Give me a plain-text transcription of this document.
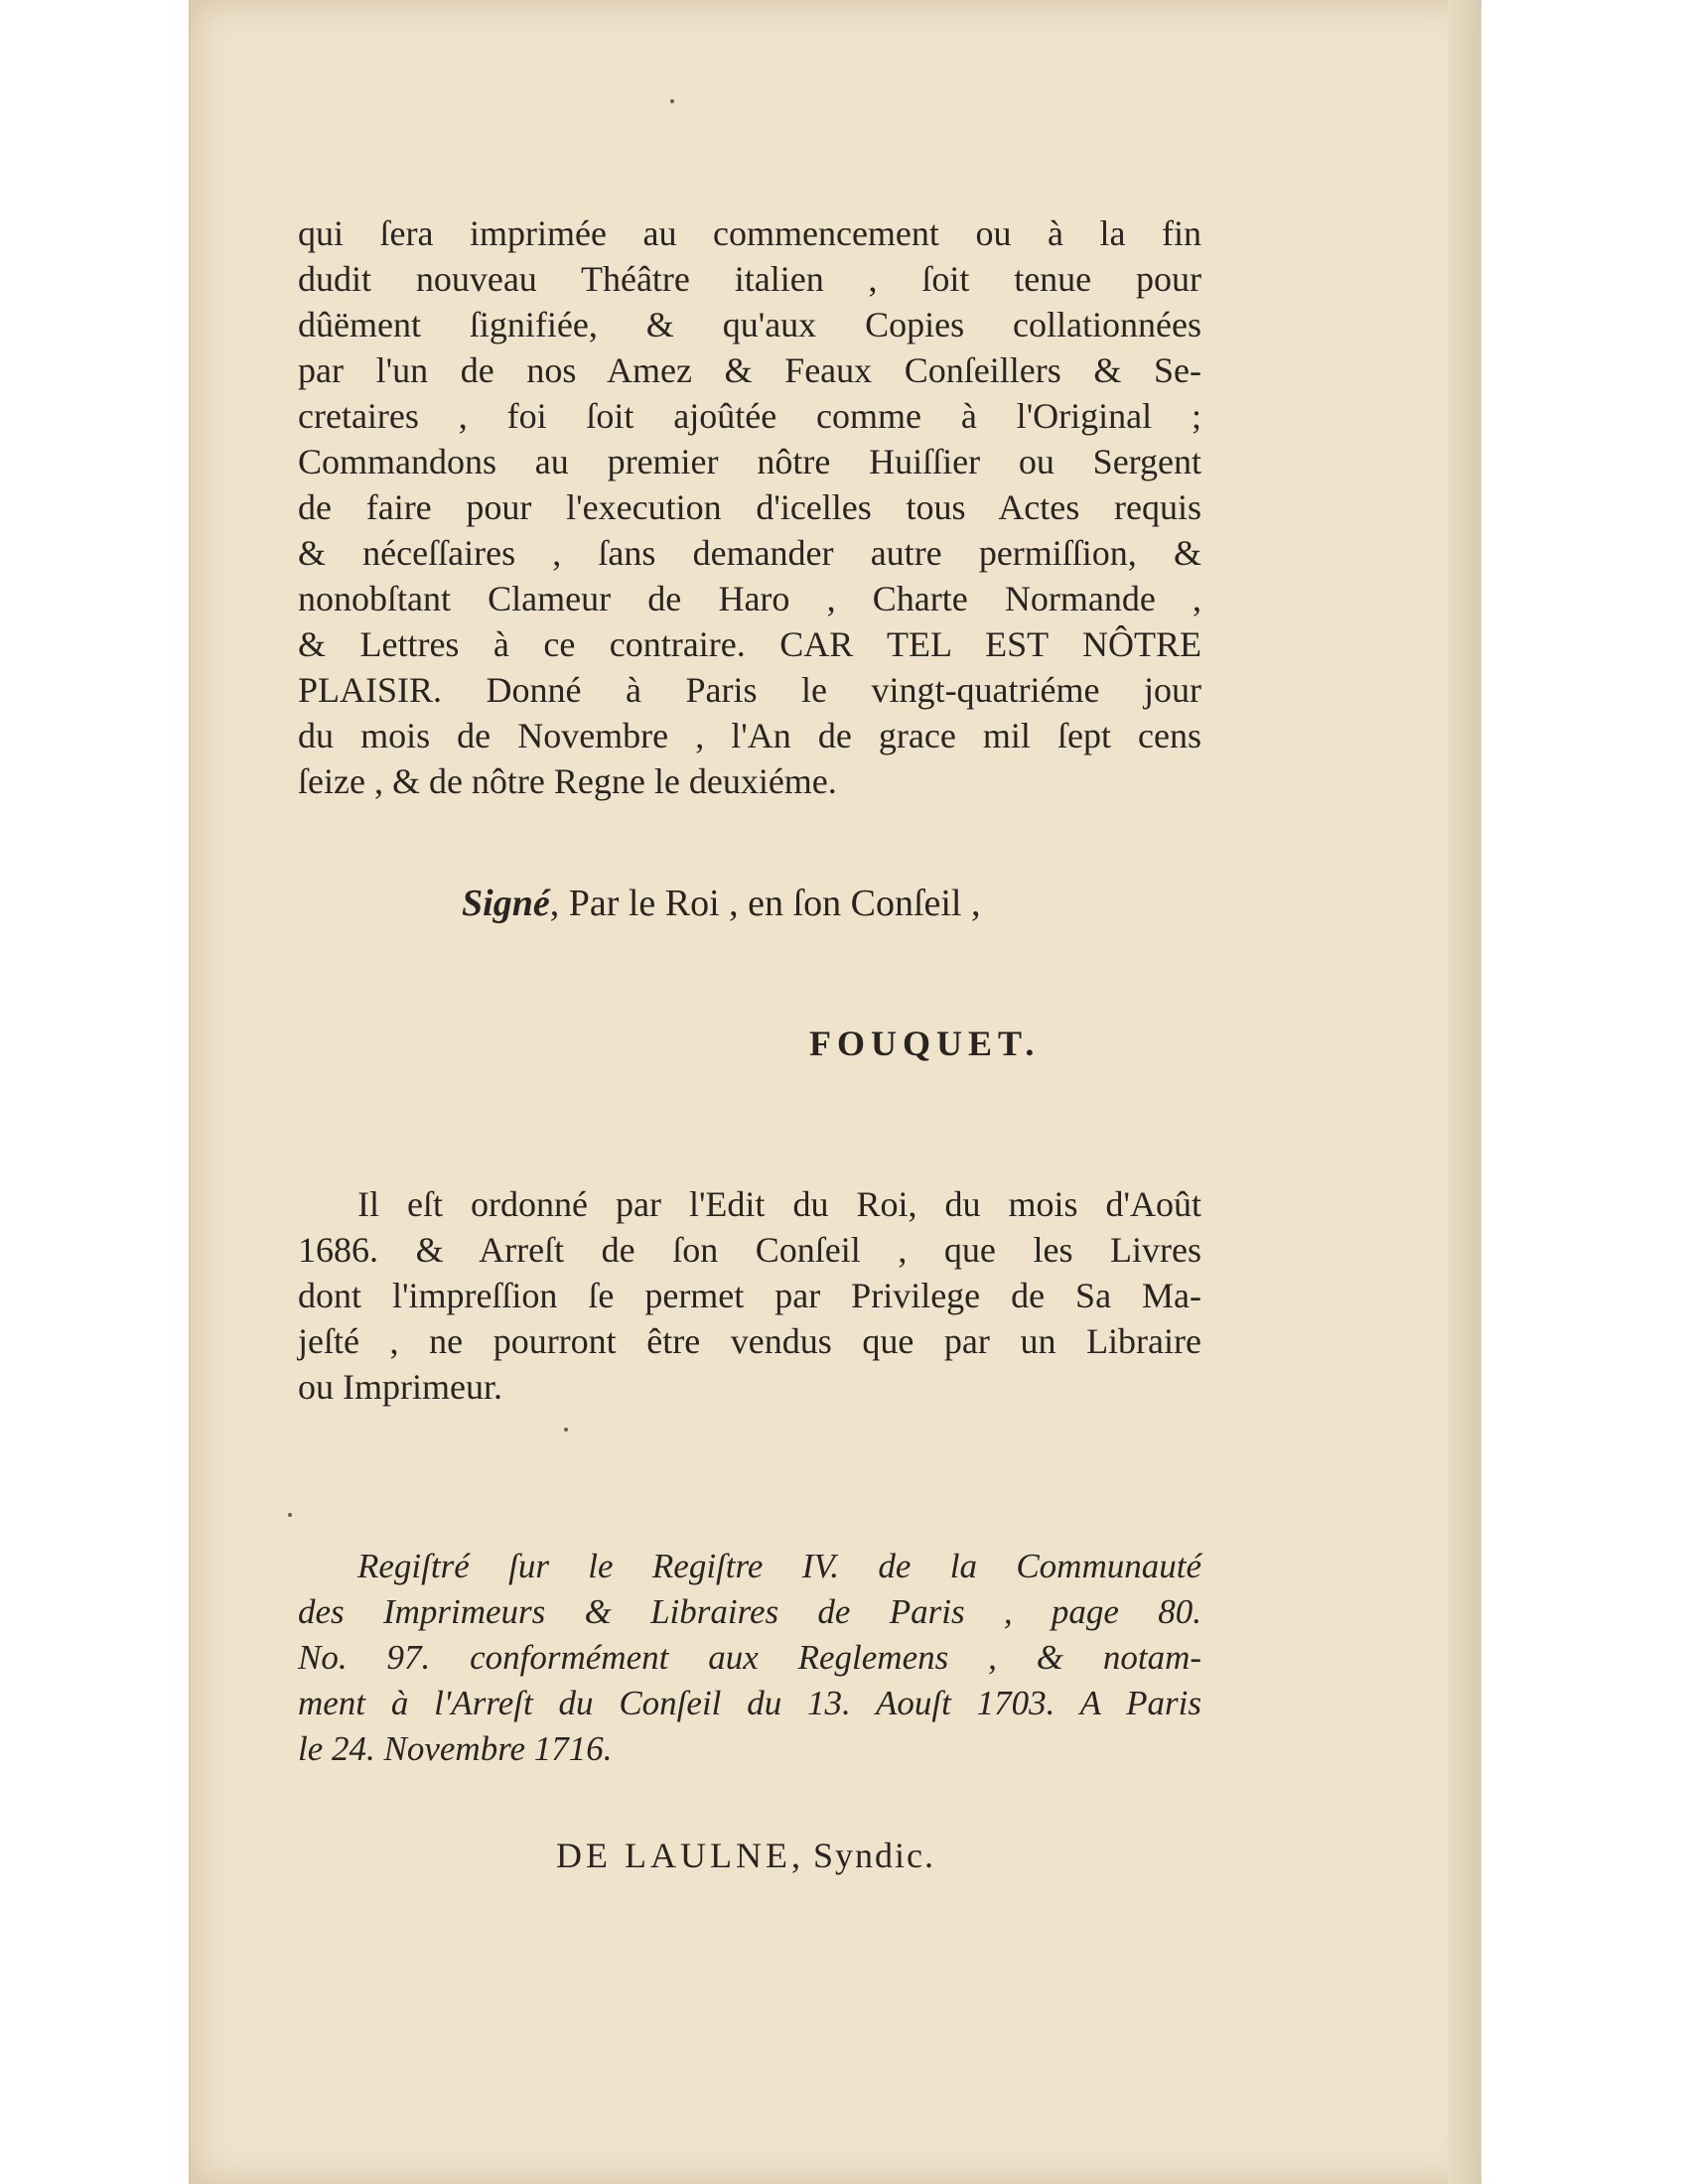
qui ſera imprimée au commencement ou à la fin
dudit nouveau Théâtre italien , ſoit tenue pour
dûëment ſignifiée, & qu'aux Copies collationnées
par l'un de nos Amez & Feaux Conſeillers & Se-
cretaires , foi ſoit ajoûtée comme à l'Original ;
Commandons au premier nôtre Huiſſier ou Sergent
de faire pour l'execution d'icelles tous Actes requis
& néceſſaires , ſans demander autre permiſſion, &
nonobſtant Clameur de Haro , Charte Normande ,
& Lettres à ce contraire. CAR TEL EST NÔTRE
PLAISIR. Donné à Paris le vingt-quatriéme jour
du mois de Novembre , l'An de grace mil ſept cens
ſeize , & de nôtre Regne le deuxiéme.
Signé, Par le Roi , en ſon Conſeil ,
FOUQUET.
Il eſt ordonné par l'Edit du Roi, du mois d'Août
1686. & Arreſt de ſon Conſeil , que les Livres
dont l'impreſſion ſe permet par Privilege de Sa Ma-
jeſté , ne pourront être vendus que par un Libraire
ou Imprimeur.
Regiſtré ſur le Regiſtre IV. de la Communauté
des Imprimeurs & Libraires de Paris , page 80.
No. 97. conformément aux Reglemens , & notam-
ment à l'Arreſt du Conſeil du 13. Aouſt 1703. A Paris
le 24. Novembre 1716.
DE LAULNE, Syndic.
